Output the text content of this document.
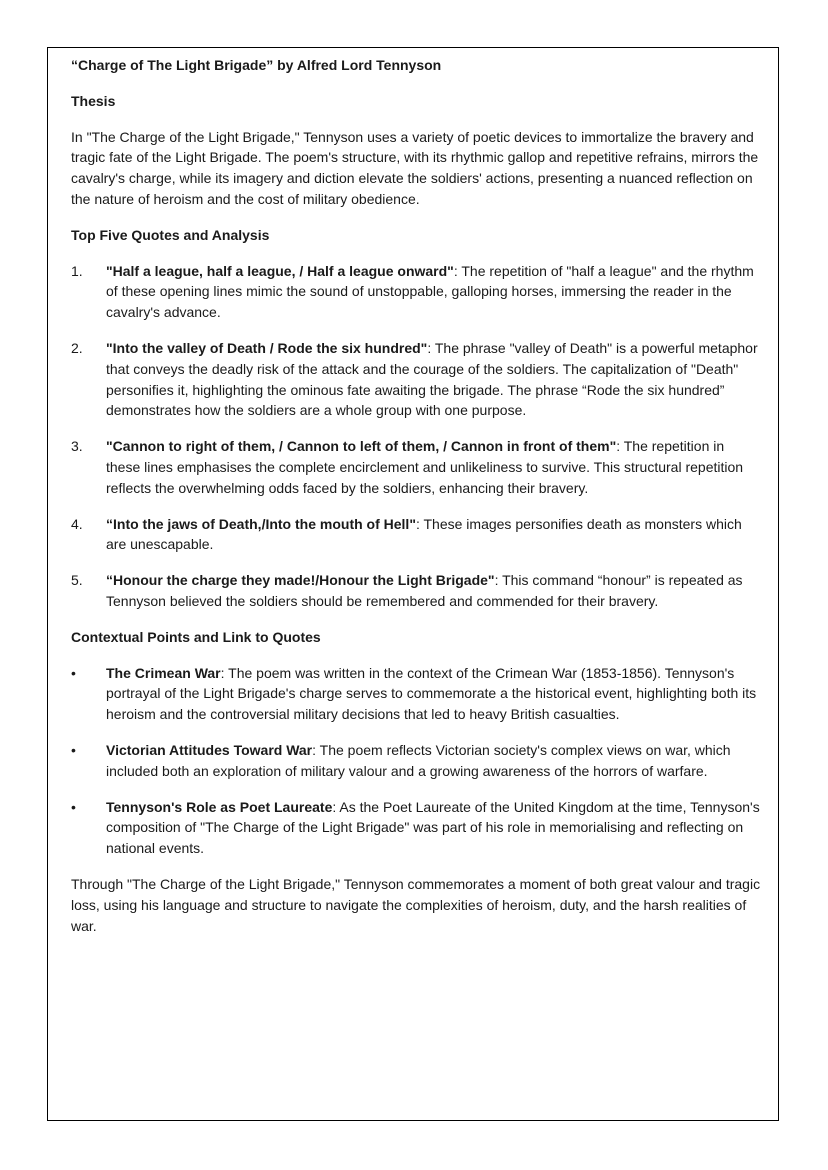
“Charge of The Light Brigade” by Alfred Lord Tennyson

Thesis

In "The Charge of the Light Brigade," Tennyson uses a variety of poetic devices to immortalize the bravery and tragic fate of the Light Brigade. The poem's structure, with its rhythmic gallop and repetitive refrains, mirrors the cavalry's charge, while its imagery and diction elevate the soldiers' actions, presenting a nuanced reflection on the nature of heroism and the cost of military obedience.

Top Five Quotes and Analysis

1. "Half a league, half a league, / Half a league onward": The repetition of "half a league" and the rhythm of these opening lines mimic the sound of unstoppable, galloping horses, immersing the reader in the cavalry's advance.
2. "Into the valley of Death / Rode the six hundred": The phrase "valley of Death" is a powerful metaphor that conveys the deadly risk of the attack and the courage of the soldiers. The capitalization of "Death" personifies it, highlighting the ominous fate awaiting the brigade. The phrase “Rode the six hundred” demonstrates how the soldiers are a whole group with one purpose.
3. "Cannon to right of them, / Cannon to left of them, / Cannon in front of them": The repetition in these lines emphasises the complete encirclement and unlikeliness to survive. This structural repetition reflects the overwhelming odds faced by the soldiers, enhancing their bravery.
4. “Into the jaws of Death,/Into the mouth of Hell": These images personifies death as monsters which are unescapable.
5. “Honour the charge they made!/Honour the Light Brigade": This command “honour” is repeated as Tennyson believed the soldiers should be remembered and commended for their bravery.

Contextual Points and Link to Quotes

• The Crimean War: The poem was written in the context of the Crimean War (1853-1856). Tennyson's portrayal of the Light Brigade's charge serves to commemorate a the historical event, highlighting both its heroism and the controversial military decisions that led to heavy British casualties.
• Victorian Attitudes Toward War: The poem reflects Victorian society's complex views on war, which included both an exploration of military valour and a growing awareness of the horrors of warfare.
• Tennyson's Role as Poet Laureate: As the Poet Laureate of the United Kingdom at the time, Tennyson's composition of "The Charge of the Light Brigade" was part of his role in memorialising and reflecting on national events.

Through "The Charge of the Light Brigade," Tennyson commemorates a moment of both great valour and tragic loss, using his language and structure to navigate the complexities of heroism, duty, and the harsh realities of war.
